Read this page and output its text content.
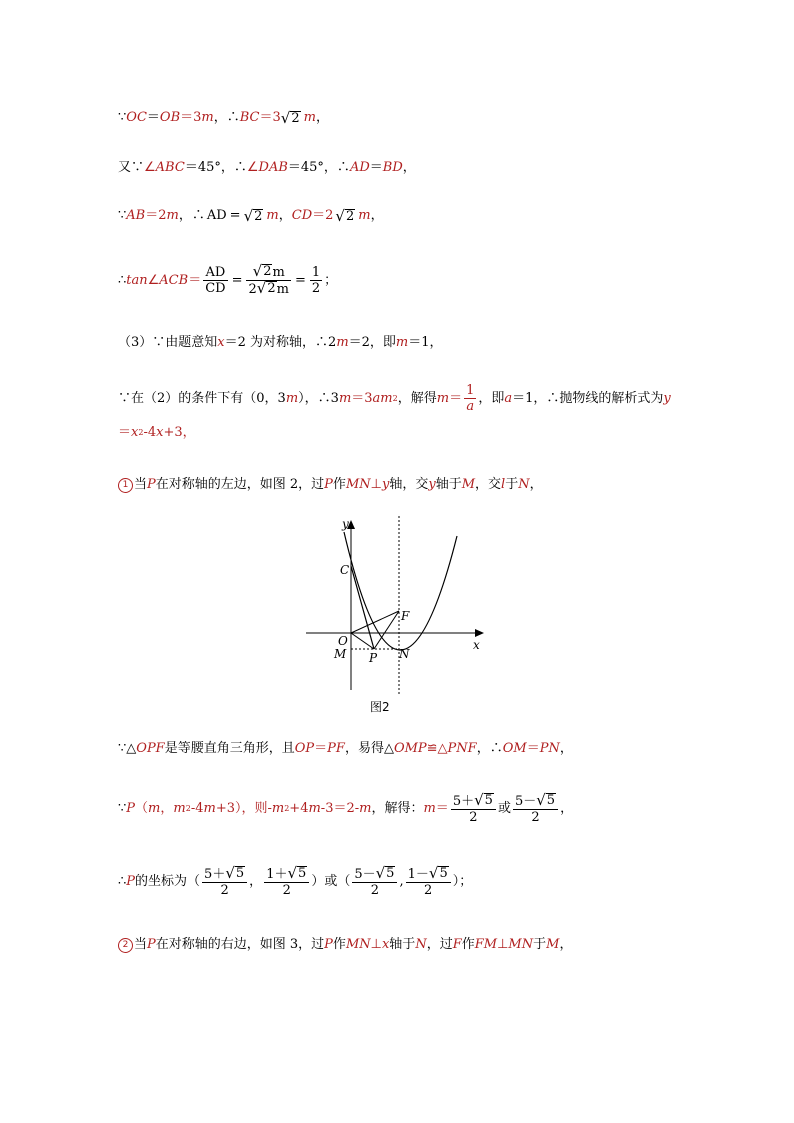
∵ OC ＝ OB ＝3 m ，∴ BC ＝3 √ 2 m ，
又∵ ∠ ABC ＝45°，∴ ∠ DAB ＝45°，∴ AD ＝ BD ，
∵ AB ＝2 m ，∴ AD = √ 2 m ， CD ＝2 √ 2 m ，
∴ tan ∠ ACB ＝ $\frac{AD}{CD} = \frac{√ 2 m}{2 √ 2 m} = \frac{1}{2}$ ；
（3）∵由题意知 x ＝2 为对称轴，∴2 m ＝2，即 m ＝1，
∵在（2）的条件下有（0，3 m ），∴3 m ＝3 am 2 ，解得 $m = \frac{1}{a}$ ，即 a ＝1，∴抛物线的解析式为 y
＝ x 2 -4 x +3，
1 当 P 在对称轴的左边，如图 2，过 P 作 MN ⊥ y 轴，交 y 轴于 M ，交 l 于 N ，
y
x
C
F
O
M P N
图2
∵△ OPF 是等腰直角三角形，且 OP ＝ PF ，易得△ OMP ≌△ PNF ，∴ OM ＝ PN ，
∵ P （ m ， m 2 -4 m +3），则- m 2 +4 m -3＝2- m ，解得： $m = \frac{5+ √ 5}{2}$ 或 $\frac{5- √ 5}{2}$ ，
∴ P 的坐标为（ $\frac{5+ √ 5}{2}$ ， $\frac{1+ √ 5}{2}$ ）或（ $\frac{5- √ 5}{2}$ , $\frac{1- √ 5}{2}$ ）；
2 当 P 在对称轴的右边，如图 3，过 P 作 MN ⊥ x 轴于 N ，过 F 作 FM ⊥ MN 于 M ，
